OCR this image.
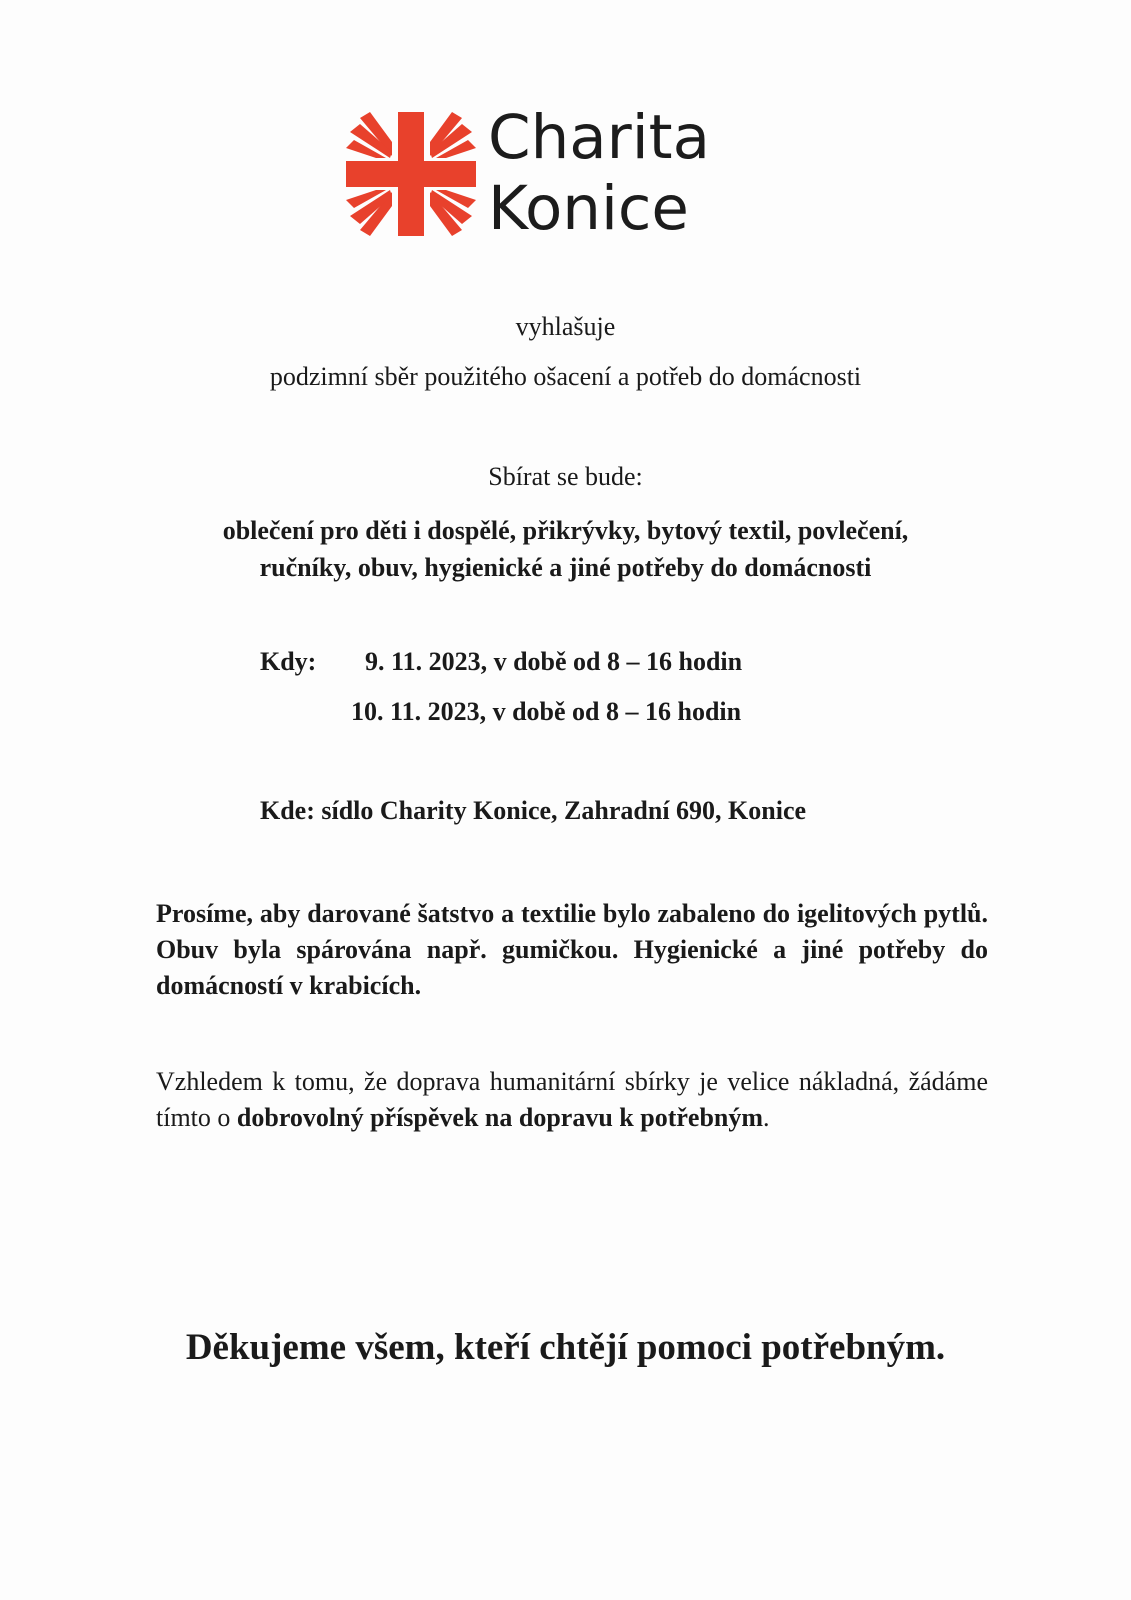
Charita
Konice
vyhlašuje
podzimní sběr použitého ošacení a potřeb do domácnosti
Sbírat se bude:
oblečení pro děti i dospělé, přikrývky, bytový textil, povlečení,
ručníky, obuv, hygienické a jiné potřeby do domácnosti
Kdy: 9. 11. 2023, v době od 8 – 16 hodin
10. 11. 2023, v době od 8 – 16 hodin
Kde: sídlo Charity Konice, Zahradní 690, Konice
Prosíme, aby darované šatstvo a textilie bylo zabaleno do igelitových pytlů. Obuv byla spárována např. gumičkou. Hygienické a jiné potřeby do domácností v krabicích.
Vzhledem k tomu, že doprava humanitární sbírky je velice nákladná, žádáme tímto o dobrovolný příspěvek na dopravu k potřebným.
Děkujeme všem, kteří chtějí pomoci potřebným.
